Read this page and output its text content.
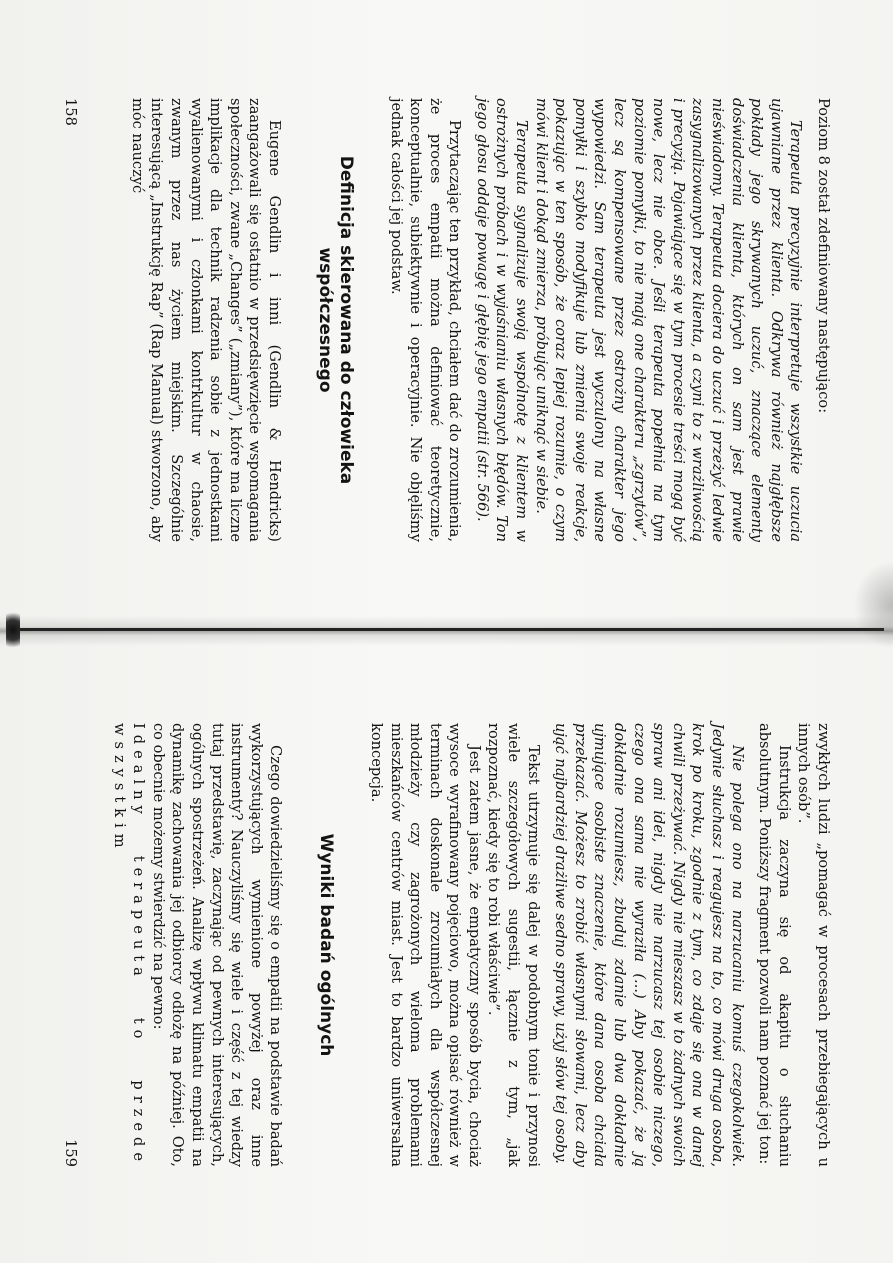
Poziom 8 został zdefiniowany następująco:

Terapeuta precyzyjnie interpretuje wszystkie uczucia ujawniane przez klienta. Odkrywa również najgłębsze pokłady jego skrywanych uczuć, znaczące elementy doświadczenia klienta, których on sam jest prawie nieświadomy. Terapeuta dociera do uczuć i przeżyć ledwie zasygnalizowanych przez klienta, a czyni to z wrażliwością i precyzją. Pojawiające się w tym procesie treści mogą być nowe, lecz nie obce. Jeśli terapeuta popełnia na tym poziomie pomyłki, to nie mają one charakteru „zgrzytów”, lecz są kompensowane przez ostrożny charakter jego wypowiedzi. Sam terapeuta jest wyczulony na własne pomyłki i szybko modyfikuje lub zmienia swoje reakcje, pokazując w ten sposób, że coraz lepiej rozumie, o czym mówi klient i dokąd zmierza, próbując uniknąć w siebie.

Terapeuta sygnalizuje swoją wspólnotę z klientem w ostrożnych próbach i w wyjaśnianiu własnych błędów. Ton jego głosu oddaje powagę i głębię jego empatii (str. 566).

Przytaczając ten przykład, chciałem dać do zrozumienia, że proces empatii można definiować teoretycznie, konceptualnie, subiektywnie i operacyjnie. Nie objęliśmy jednak całości jej podstaw.

Definicja skierowana do człowieka współczesnego

Eugene Gendlin i inni (Gendlin & Hendricks) zaangażowali się ostatnio w przedsięwzięcie wspomagania społeczności, zwane „Changes” („zmiany”), które ma liczne implikacje dla technik radzenia sobie z jednostkami wyalienowanymi i członkami kontrkultur w chaosie, zwanym przez nas życiem miejskim. Szczególnie interesującą „Instrukcję Rap” (Rap Manual) stworzono, aby móc nauczyć

158

zwykłych ludzi „pomagać w procesach przebiegających u innych osób”.

Instrukcja zaczyna się od akapitu o słuchaniu absolutnym. Poniższy fragment pozwoli nam poznać jej ton:

Nie polega ono na narzucaniu komuś czegokolwiek. Jedynie słuchasz i reagujesz na to, co mówi druga osoba, krok po kroku, zgodnie z tym, co zdaje się ona w danej chwili przeżywać. Nigdy nie mieszasz w to żadnych swoich spraw ani idei, nigdy nie narzucasz tej osobie niczego, czego ona sama nie wyraziła (...) Aby pokazać, że ją dokładnie rozumiesz, zbuduj zdanie lub dwa dokładnie ujmujące osobiste znaczenie, które dana osoba chciała przekazać. Możesz to zrobić własnymi słowami, lecz aby ująć najbardziej drażliwe sedno sprawy, użyj słów tej osoby.

Tekst utrzymuje się dalej w podobnym tonie i przynosi wiele szczegółowych sugestii, łącznie z tym, „jak rozpoznać, kiedy się to robi właściwie”.

Jest zatem jasne, że empatyczny sposób bycia, chociaż wysoce wyrafinowany pojęciowo, można opisać również w terminach doskonale zrozumiałych dla współczesnej młodzieży czy zagrożonych wieloma problemami mieszkańców centrów miast. Jest to bardzo uniwersalna koncepcja.

Wyniki badań ogólnych

Czego dowiedzieliśmy się o empatii na podstawie badań wykorzystujących wymienione powyżej oraz inne instrumenty? Nauczyliśmy się wiele i część z tej wiedzy tutaj przedstawię, zaczynając od pewnych interesujących, ogólnych spostrzeżeń. Analizę wpływu klimatu empatii na dynamikę zachowania jej odbiorcy odłożę na później. Oto, co obecnie możemy stwierdzić na pewno:

Idealny terapeuta to przede wszystkim

159
